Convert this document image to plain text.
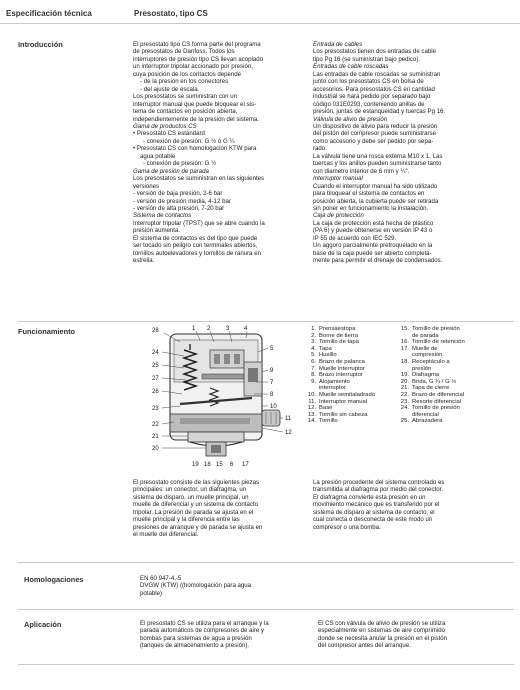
Especificación técnica	Presostato, tipo CS
Introducción	El presostato tipo CS forma parte del programa

de presostatos de Danfoss. Todos los

interruptores de presión tipo CS llevan acoplado

un interruptor tripolar accionado por presión,

cuya posición de los contactos depende

- de la presión en los conectores

- del ajuste de escala.

Los presostatos se suministran con un

interruptor manual que puede bloquear el sis-

tema de contactos en posición abierta,

independientemente de la presión del sistema.

Gama de productos CS

• Presostato CS estándard

- conexión de presión: G ½ ó G ¼

• Presostato CS con homologación KTW para

agua potable

- conexión de presión: G ½

Gama de presión de parada

Los presostatos se suministran en las siguientes

versiones

- versión de baja presión, 2-6 bar

- versión de presión media, 4-12 bar

- versión de alta presión, 7-20 bar

Sistema de contactos

Interruptor tripolar (TPST) que se abre cuando la

presión aumenta.

El sistema de contactos es del tipo que puede

ser tocado sin peligro con terminales abiertos,

tornillos autoelevadores y tornillos de ranura en

estrella.

Entrada de cables

Los presostatos tienen dos entradas de cable

tipo Pg 16 (se suministran bajo pedico).

Entradas de cable roscadas

Las entradas de cable roscadas se suministran

junto con los presostatos CS en bolsa de

accesorios. Para presostatos CS en cantidad

industrial se hará pedido por separado bajo

código 031E0293, conteniendo anillas de

presión, juntas de estanqueidad y tuercas Pg 16.

Válvula de alivio de presión

Un dispositivo de alivio para reducir la presión

del pistón del compresor puede suministrarse

como accesorio y debe ser pedido por sepa-

rado.

La válvula tiene una rosca externa M10 x 1. Las

tuercas y los anillos pueden suministrarse tanto

con diametro interior de 6 mm y ¼".

Interruptor manual

Cuando el interruptor manual ha sido utilizado

para bloquear el sistema de contactos en

posición abierta, la cubierta puede ser retirada

sin poner en funcionamiento la instalación.

Caja de protección

La caja de protección está hecha de plástico

(PA 6) y puede obtenerse en versión IP 43 o

IP 55 de acuerdo con IEC 529.

Un aggoro parcialmente pretroquelado en la

base de la caja puede ser abierto completa-

mente para permitir el drenaje de condensados.

Funcionamiento	28	1 2	3 4
24
25
27
26
23
22
21
20
5
9
7
8
10
11
12
19 18 15 6 17
1. Prensaestopa
2. Borne de tierra
3. Tornillo de tapa
4. Tapa
5. Husillo
6. Brazo de palanca
7. Muelle interruptor
8. Brazo interruptor
9. Alojamiento
interruptor
10. Muelle semitaladrado
11. Interruptor manual
12. Base
13. Tornillo sin cabeza
14. Tornillo
15. Tornillo de presión
de parada
16. Tornillo de retención
17. Muelle de
compresión
18. Receptáculo a
presión
19. Diafragma
20. Brida, G ¼ / G ½
21. Tapa de cierre
22. Brazo de diferencial
23. Resorte diferencial
24. Tornillo de presión
diferencial
25. Abrazadera

El presostato consiste de las siguientes piezas

principales: un conector, un diafragma, un

sistema de disparo, un muelle principal, un

muelle de diferencial y un sistema de contacto

tripolar. La presión de parada se ajusta en el

muelle principal y la diferencia entre las

presiones de arranque y de parada se ajusta en

el muelle del diferencial.

La presión procedente del sistema controlado es

transmitida al diafragma por medio del conector.

El diafragma convierte esta presión en un

movimiento mecánico que es transferido por el

sistema de disparo al sistema de contacto, el

cual conecta o desconecta de este modo un

compresor o una bomba.

Homologaciones	EN 60 947-4,-5

DVGW (KTW) ((homologación para agua

potable)

Aplicación	El presostato CS se utiliza para el arranque y la

parada automáticos de compresores de aire y

bombas para sistemas de agua a presión

(tanques de almacenamiento a presión).

El CS con válvula de alivio de presión se utiliza

especialmente en sistemas de aire comprimido

donde se necesita anular la presión en el pistón

del compresor antes del arranque.
